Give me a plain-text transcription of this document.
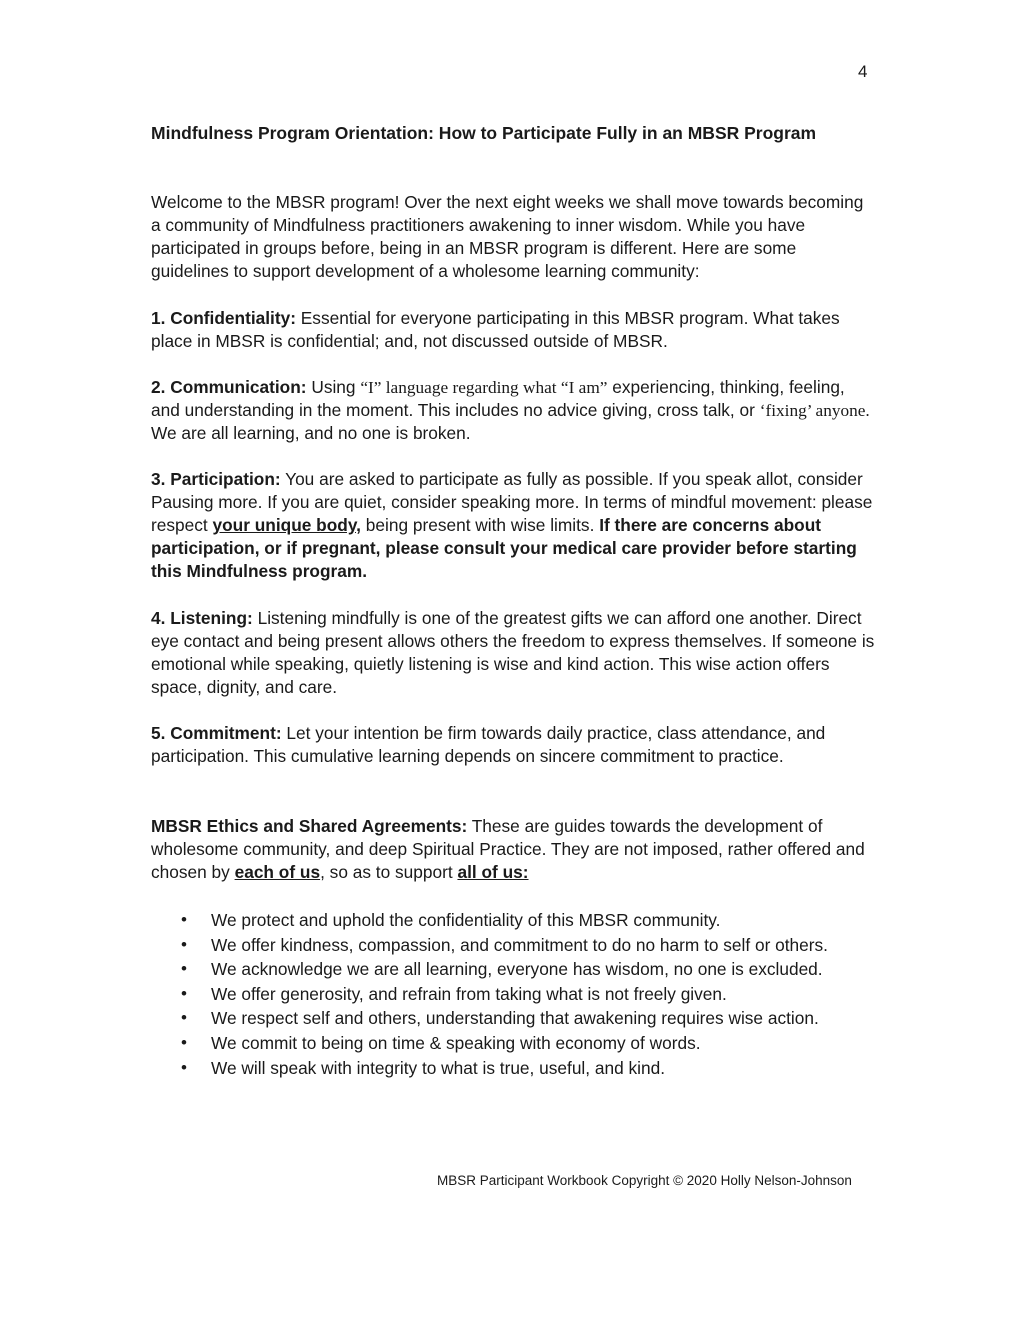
4
Mindfulness Program Orientation: How to Participate Fully in an MBSR Program
Welcome to the MBSR program! Over the next eight weeks we shall move towards becoming a community of Mindfulness practitioners awakening to inner wisdom. While you have participated in groups before, being in an MBSR program is different. Here are some guidelines to support development of a wholesome learning community:
1. Confidentiality: Essential for everyone participating in this MBSR program. What takes place in MBSR is confidential; and, not discussed outside of MBSR.
2. Communication: Using “I” language regarding what “I am” experiencing, thinking, feeling, and understanding in the moment. This includes no advice giving, cross talk, or ‘fixing’ anyone. We are all learning, and no one is broken.
3. Participation: You are asked to participate as fully as possible. If you speak allot, consider Pausing more. If you are quiet, consider speaking more. In terms of mindful movement: please respect your unique body, being present with wise limits. If there are concerns about participation, or if pregnant, please consult your medical care provider before starting this Mindfulness program.
4. Listening: Listening mindfully is one of the greatest gifts we can afford one another. Direct eye contact and being present allows others the freedom to express themselves. If someone is emotional while speaking, quietly listening is wise and kind action. This wise action offers space, dignity, and care.
5. Commitment: Let your intention be firm towards daily practice, class attendance, and participation. This cumulative learning depends on sincere commitment to practice.
MBSR Ethics and Shared Agreements: These are guides towards the development of wholesome community, and deep Spiritual Practice. They are not imposed, rather offered and chosen by each of us, so as to support all of us:
• We protect and uphold the confidentiality of this MBSR community.
• We offer kindness, compassion, and commitment to do no harm to self or others.
• We acknowledge we are all learning, everyone has wisdom, no one is excluded.
• We offer generosity, and refrain from taking what is not freely given.
• We respect self and others, understanding that awakening requires wise action.
• We commit to being on time & speaking with economy of words.
• We will speak with integrity to what is true, useful, and kind.
MBSR Participant Workbook Copyright © 2020 Holly Nelson-Johnson
